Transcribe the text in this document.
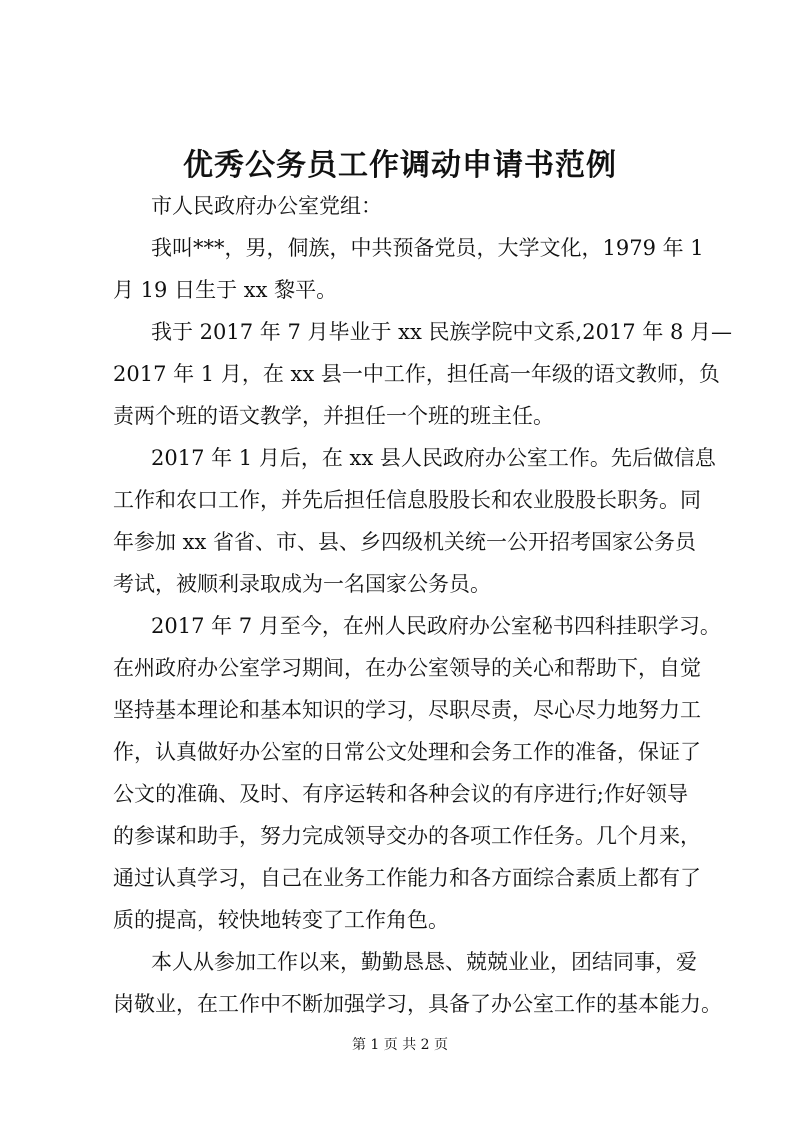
优秀公务员工作调动申请书范例
市人民政府办公室党组：
我叫***，男，侗族，中共预备党员，大学文化，1979 年 1
月 19 日生于 xx 黎平。
我于 2017 年 7 月毕业于 xx 民族学院中文系,2017 年 8 月—
2017 年 1 月，在 xx 县一中工作，担任高一年级的语文教师，负
责两个班的语文教学，并担任一个班的班主任。
2017 年 1 月后，在 xx 县人民政府办公室工作。先后做信息
工作和农口工作，并先后担任信息股股长和农业股股长职务。同
年参加 xx 省省、市、县、乡四级机关统一公开招考国家公务员
考试，被顺利录取成为一名国家公务员。
2017 年 7 月至今，在州人民政府办公室秘书四科挂职学习。
在州政府办公室学习期间，在办公室领导的关心和帮助下，自觉
坚持基本理论和基本知识的学习，尽职尽责，尽心尽力地努力工
作，认真做好办公室的日常公文处理和会务工作的准备，保证了
公文的准确、及时、有序运转和各种会议的有序进行;作好领导
的参谋和助手，努力完成领导交办的各项工作任务。几个月来，
通过认真学习，自己在业务工作能力和各方面综合素质上都有了
质的提高，较快地转变了工作角色。
本人从参加工作以来，勤勤恳恳、兢兢业业，团结同事，爱
岗敬业，在工作中不断加强学习，具备了办公室工作的基本能力。
第 1 页 共 2 页
